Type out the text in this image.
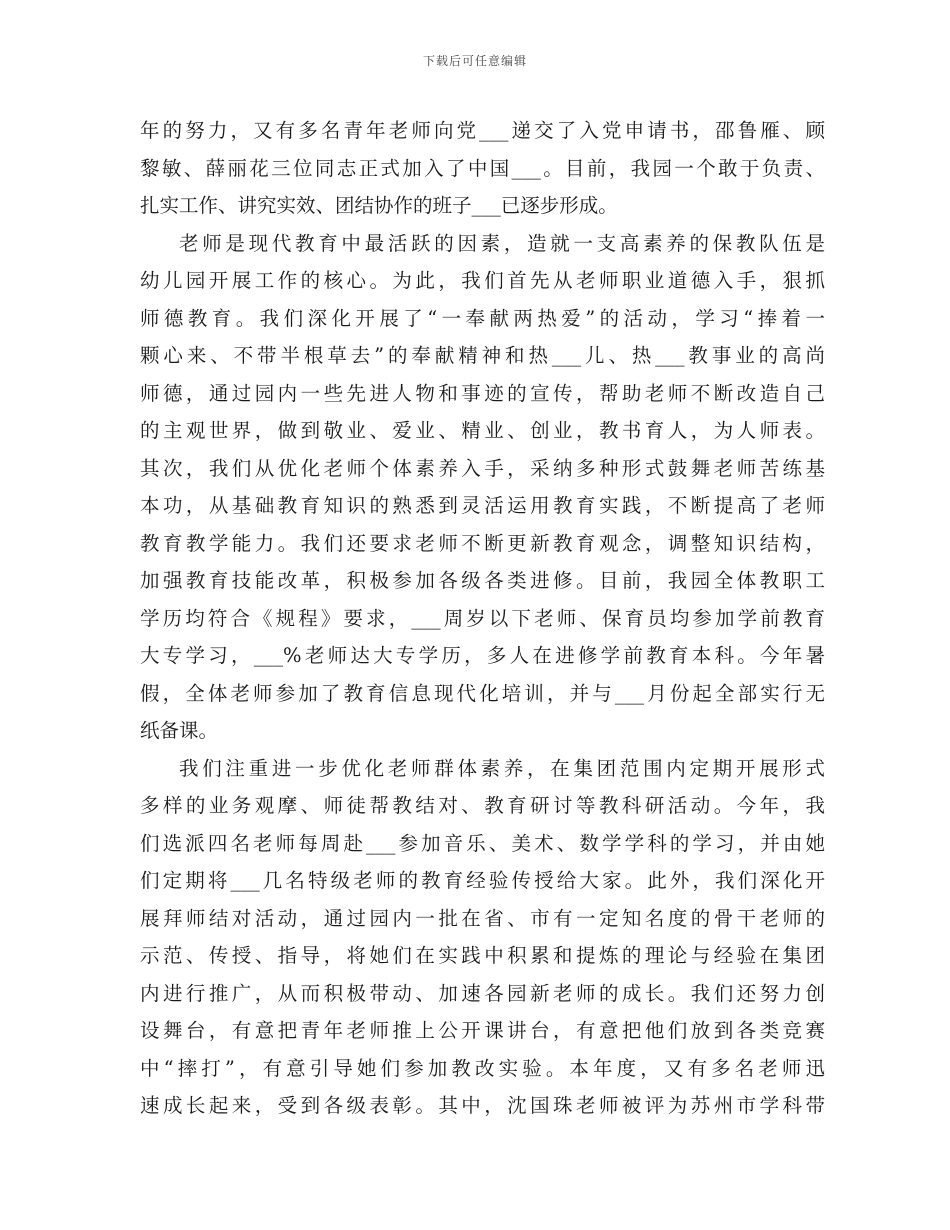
下载后可任意编辑
年的努力，又有多名青年老师向党___递交了入党申请书，邵鲁雁、顾
黎敏、薛丽花三位同志正式加入了中国___。目前，我园一个敢于负责、
扎实工作、讲究实效、团结协作的班子___已逐步形成。
老师是现代教育中最活跃的因素，造就一支高素养的保教队伍是
幼儿园开展工作的核心。为此，我们首先从老师职业道德入手，狠抓
师德教育。我们深化开展了“一奉献两热爱”的活动，学习“捧着一
颗心来、不带半根草去”的奉献精神和热___儿、热___教事业的高尚
师德，通过园内一些先进人物和事迹的宣传，帮助老师不断改造自己
的主观世界，做到敬业、爱业、精业、创业，教书育人，为人师表。
其次，我们从优化老师个体素养入手，采纳多种形式鼓舞老师苦练基
本功，从基础教育知识的熟悉到灵活运用教育实践，不断提高了老师
教育教学能力。我们还要求老师不断更新教育观念，调整知识结构，
加强教育技能改革，积极参加各级各类进修。目前，我园全体教职工
学历均符合《规程》要求，___周岁以下老师、保育员均参加学前教育
大专学习，___%老师达大专学历，多人在进修学前教育本科。今年暑
假，全体老师参加了教育信息现代化培训，并与___月份起全部实行无
纸备课。
我们注重进一步优化老师群体素养，在集团范围内定期开展形式
多样的业务观摩、师徒帮教结对、教育研讨等教科研活动。今年，我
们选派四名老师每周赴___参加音乐、美术、数学学科的学习，并由她
们定期将___几名特级老师的教育经验传授给大家。此外，我们深化开
展拜师结对活动，通过园内一批在省、市有一定知名度的骨干老师的
示范、传授、指导，将她们在实践中积累和提炼的理论与经验在集团
内进行推广，从而积极带动、加速各园新老师的成长。我们还努力创
设舞台，有意把青年老师推上公开课讲台，有意把他们放到各类竞赛
中“摔打”，有意引导她们参加教改实验。本年度，又有多名老师迅
速成长起来，受到各级表彰。其中，沈国珠老师被评为苏州市学科带
